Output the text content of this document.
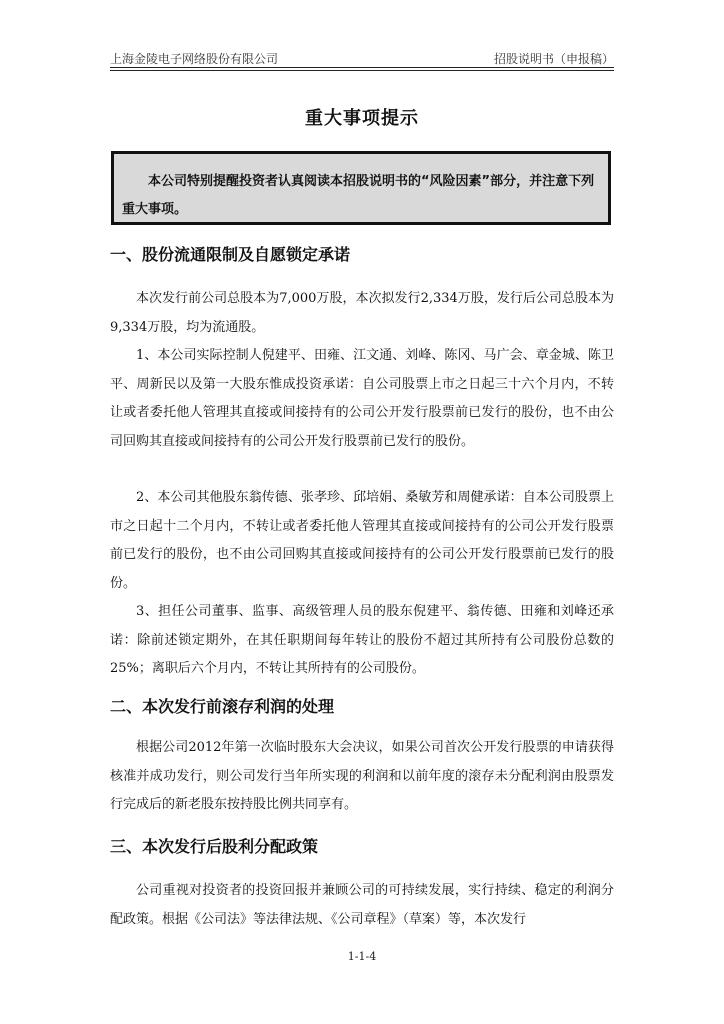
上海金陵电子网络股份有限公司	招股说明书（申报稿）
重大事项提示

本公司特别提醒投资者认真阅读本招股说明书的“风险因素”部分，并注意下列重大事项。

一、股份流通限制及自愿锁定承诺

本次发行前公司总股本为7,000万股，本次拟发行2,334万股，发行后公司总股本为9,334万股，均为流通股。

1、本公司实际控制人倪建平、田雍、江文通、刘峰、陈冈、马广会、章金城、陈卫平、周新民以及第一大股东惟成投资承诺：自公司股票上市之日起三十六个月内，不转让或者委托他人管理其直接或间接持有的公司公开发行股票前已发行的股份，也不由公司回购其直接或间接持有的公司公开发行股票前已发行的股份。

2、本公司其他股东翁传德、张孝珍、邱培娟、桑敏芳和周健承诺：自本公司股票上市之日起十二个月内，不转让或者委托他人管理其直接或间接持有的公司公开发行股票前已发行的股份，也不由公司回购其直接或间接持有的公司公开发行股票前已发行的股份。

3、担任公司董事、监事、高级管理人员的股东倪建平、翁传德、田雍和刘峰还承诺：除前述锁定期外，在其任职期间每年转让的股份不超过其所持有公司股份总数的25%；离职后六个月内，不转让其所持有的公司股份。

二、本次发行前滚存利润的处理

根据公司2012年第一次临时股东大会决议，如果公司首次公开发行股票的申请获得核准并成功发行，则公司发行当年所实现的利润和以前年度的滚存未分配利润由股票发行完成后的新老股东按持股比例共同享有。

三、本次发行后股利分配政策

公司重视对投资者的投资回报并兼顾公司的可持续发展，实行持续、稳定的利润分配政策。根据《公司法》等法律法规、《公司章程》（草案）等，本次发行

1-1-4
